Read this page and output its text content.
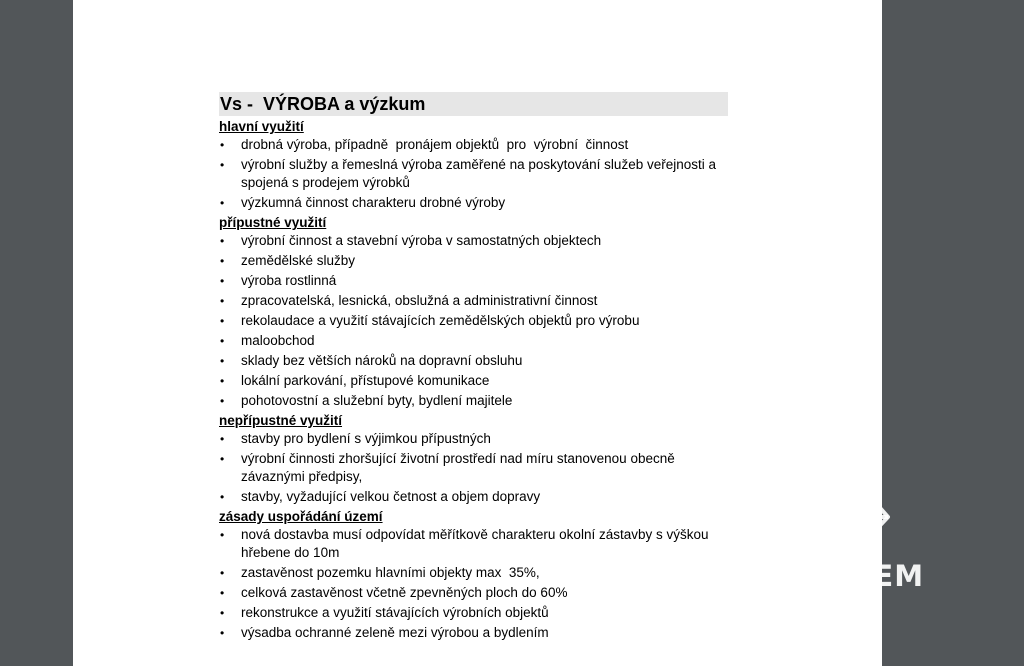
Vs -  VÝROBA a výzkum
hlavní využití
• drobná výroba, případně  pronájem objektů  pro  výrobní  činnost
• výrobní služby a řemeslná výroba zaměřené na poskytování služeb veřejnosti a spojená s prodejem výrobků
• výzkumná činnost charakteru drobné výroby
přípustné využití
• výrobní činnost a stavební výroba v samostatných objektech
• zemědělské služby
• výroba rostlinná
• zpracovatelská, lesnická, obslužná a administrativní činnost
• rekolaudace a využití stávajících zemědělských objektů pro výrobu
• maloobchod
• sklady bez větších nároků na dopravní obsluhu
• lokální parkování, přístupové komunikace
• pohotovostní a služební byty, bydlení majitele
nepřípustné využití
• stavby pro bydlení s výjimkou přípustných
• výrobní činnosti zhoršující životní prostředí nad míru stanovenou obecně závaznými předpisy,
• stavby, vyžadující velkou četnost a objem dopravy
zásady uspořádání území
• nová dostavba musí odpovídat měřítkově charakteru okolní zástavby s výškou hřebene do 10m
• zastavěnost pozemku hlavními objekty max  35%,
• celková zastavěnost včetně zpevněných ploch do 60%
• rekonstrukce a využití stávajících výrobních objektů
• výsadba ochranné zeleně mezi výrobou a bydlením
VIAGEM
